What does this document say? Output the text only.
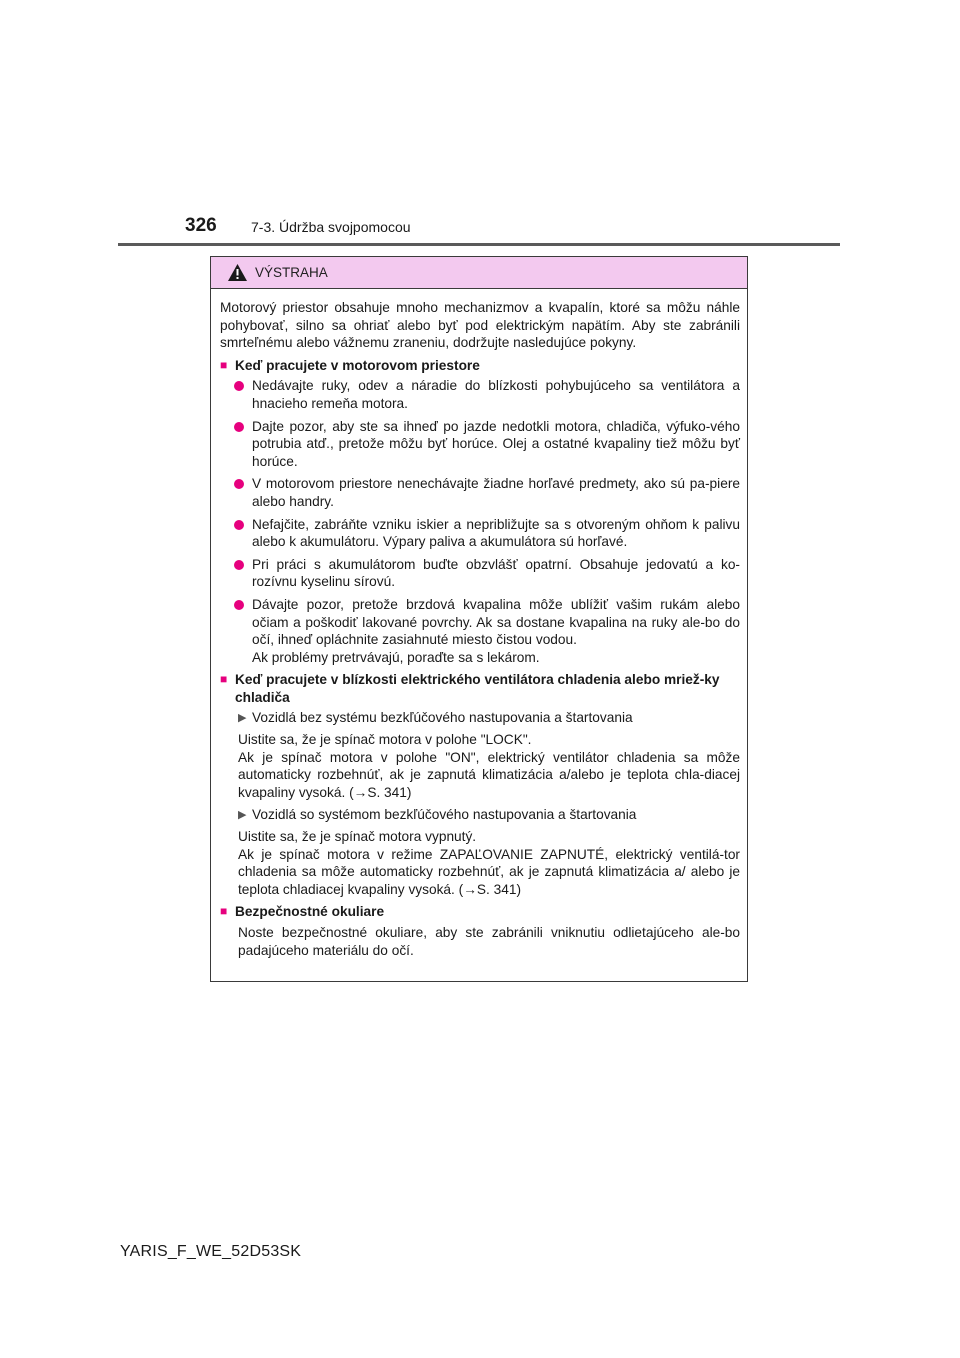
326 7-3. Údržba svojpomocou
VÝSTRAHA

Motorový priestor obsahuje mnoho mechanizmov a kvapalín, ktoré sa môžu náhle pohybovať, silno sa ohriať alebo byť pod elektrickým napätím. Aby ste zabránili smrteľnému alebo vážnemu zraneniu, dodržujte nasledujúce pokyny.

■ Keď pracujete v motorovom priestore
Nedávajte ruky, odev a náradie do blízkosti pohybujúceho sa ventilátora a hnacieho remeňa motora.
Dajte pozor, aby ste sa ihneď po jazde nedotkli motora, chladiča, výfuko-vého potrubia atď., pretože môžu byť horúce. Olej a ostatné kvapaliny tiež môžu byť horúce.
V motorovom priestore nenechávajte žiadne horľavé predmety, ako sú pa-piere alebo handry.
Nefajčite, zabráňte vzniku iskier a nepribližujte sa s otvoreným ohňom k palivu alebo k akumulátoru. Výpary paliva a akumulátora sú horľavé.
Pri práci s akumulátorom buďte obzvlášť opatrní. Obsahuje jedovatú a ko-rozívnu kyselinu sírovú.
Dávajte pozor, pretože brzdová kvapalina môže ublížiť vašim rukám alebo očiam a poškodiť lakované povrchy. Ak sa dostane kvapalina na ruky ale-bo do očí, ihneď opláchnite zasiahnuté miesto čistou vodou.
Ak problémy pretrvávajú, poraďte sa s lekárom.
■ Keď pracujete v blízkosti elektrického ventilátora chladenia alebo mriež-ky chladiča
▶ Vozidlá bez systému bezkľúčového nastupovania a štartovania
Uistite sa, že je spínač motora v polohe "LOCK".
Ak je spínač motora v polohe "ON", elektrický ventilátor chladenia sa môže automaticky rozbehnúť, ak je zapnutá klimatizácia a/alebo je teplota chla-diacej kvapaliny vysoká. (→S. 341)
▶ Vozidlá so systémom bezkľúčového nastupovania a štartovania
Uistite sa, že je spínač motora vypnutý.
Ak je spínač motora v režime ZAPAĽOVANIE ZAPNUTÉ, elektrický ventilá-tor chladenia sa môže automaticky rozbehnúť, ak je zapnutá klimatizácia a/ alebo je teplota chladiacej kvapaliny vysoká. (→S. 341)
■ Bezpečnostné okuliare
Noste bezpečnostné okuliare, aby ste zabránili vniknutiu odlietajúceho ale-bo padajúceho materiálu do očí.
YARIS_F_WE_52D53SK
